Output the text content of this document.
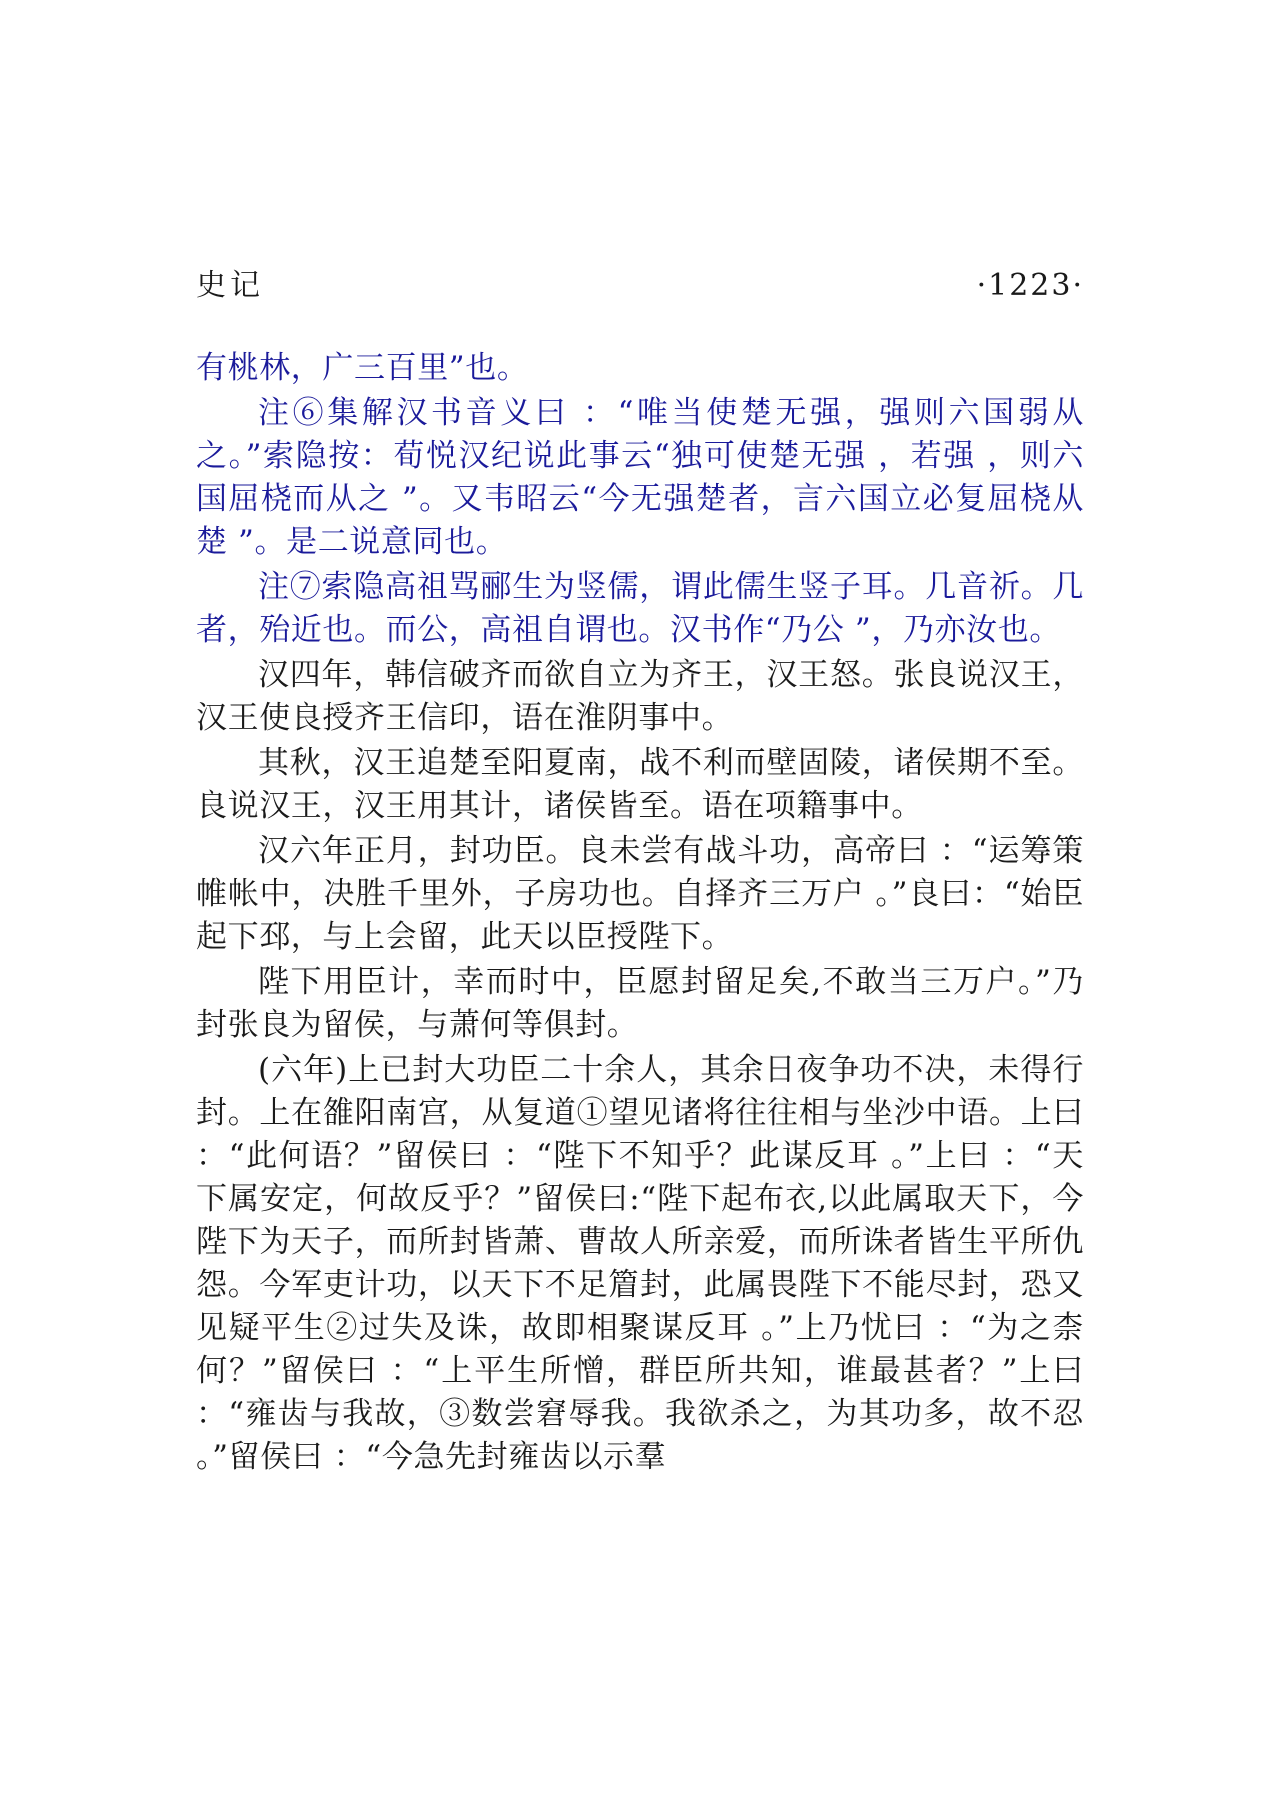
史记	·1223·

有桃林，广三百里”也。

注⑥集解汉书音义曰 ：“唯当使楚无强，强则六国弱从之。”索隐按：荀悦汉纪说此事云“独可使楚无强 ，若强 ，则六国屈桡而从之 ”。又韦昭云“今无强楚者，言六国立必复屈桡从楚 ”。是二说意同也。

注⑦索隐高祖骂郦生为竖儒，谓此儒生竖子耳。几音祈。几者，殆近也。而公，高祖自谓也。汉书作“乃公 ”，乃亦汝也。

汉四年，韩信破齐而欲自立为齐王，汉王怒。张良说汉王，汉王使良授齐王信印，语在淮阴事中。

其秋，汉王追楚至阳夏南，战不利而壁固陵，诸侯期不至。良说汉王，汉王用其计，诸侯皆至。语在项籍事中。

汉六年正月，封功臣。良未尝有战斗功，高帝曰 ：“运筹策帷帐中，决胜千里外，子房功也。自择齐三万户 。”良曰：“始臣起下邳，与上会留，此天以臣授陛下。

陛下用臣计，幸而时中，臣愿封留足矣,不敢当三万户。”乃封张良为留侯，与萧何等俱封。

(六年)上已封大功臣二十余人，其余日夜争功不决，未得行封。上在雒阳南宫，从复道①望见诸将往往相与坐沙中语。上曰 ：“此何语？”留侯曰 ：“陛下不知乎？此谋反耳 。”上曰 ：“天下属安定，何故反乎？”留侯曰:“陛下起布衣,以此属取天下，今陛下为天子，而所封皆萧、曹故人所亲爱，而所诛者皆生平所仇怨。今军吏计功，以天下不足篃封，此属畏陛下不能尽封，恐又见疑平生②过失及诛，故即相聚谋反耳 。”上乃忧曰 ：“为之柰何？”留侯曰 ：“上平生所憎，群臣所共知，谁最甚者？”上曰 ：“雍齿与我故，③数尝窘辱我。我欲杀之，为其功多，故不忍 。”留侯曰 ：“今急先封雍齿以示羣
